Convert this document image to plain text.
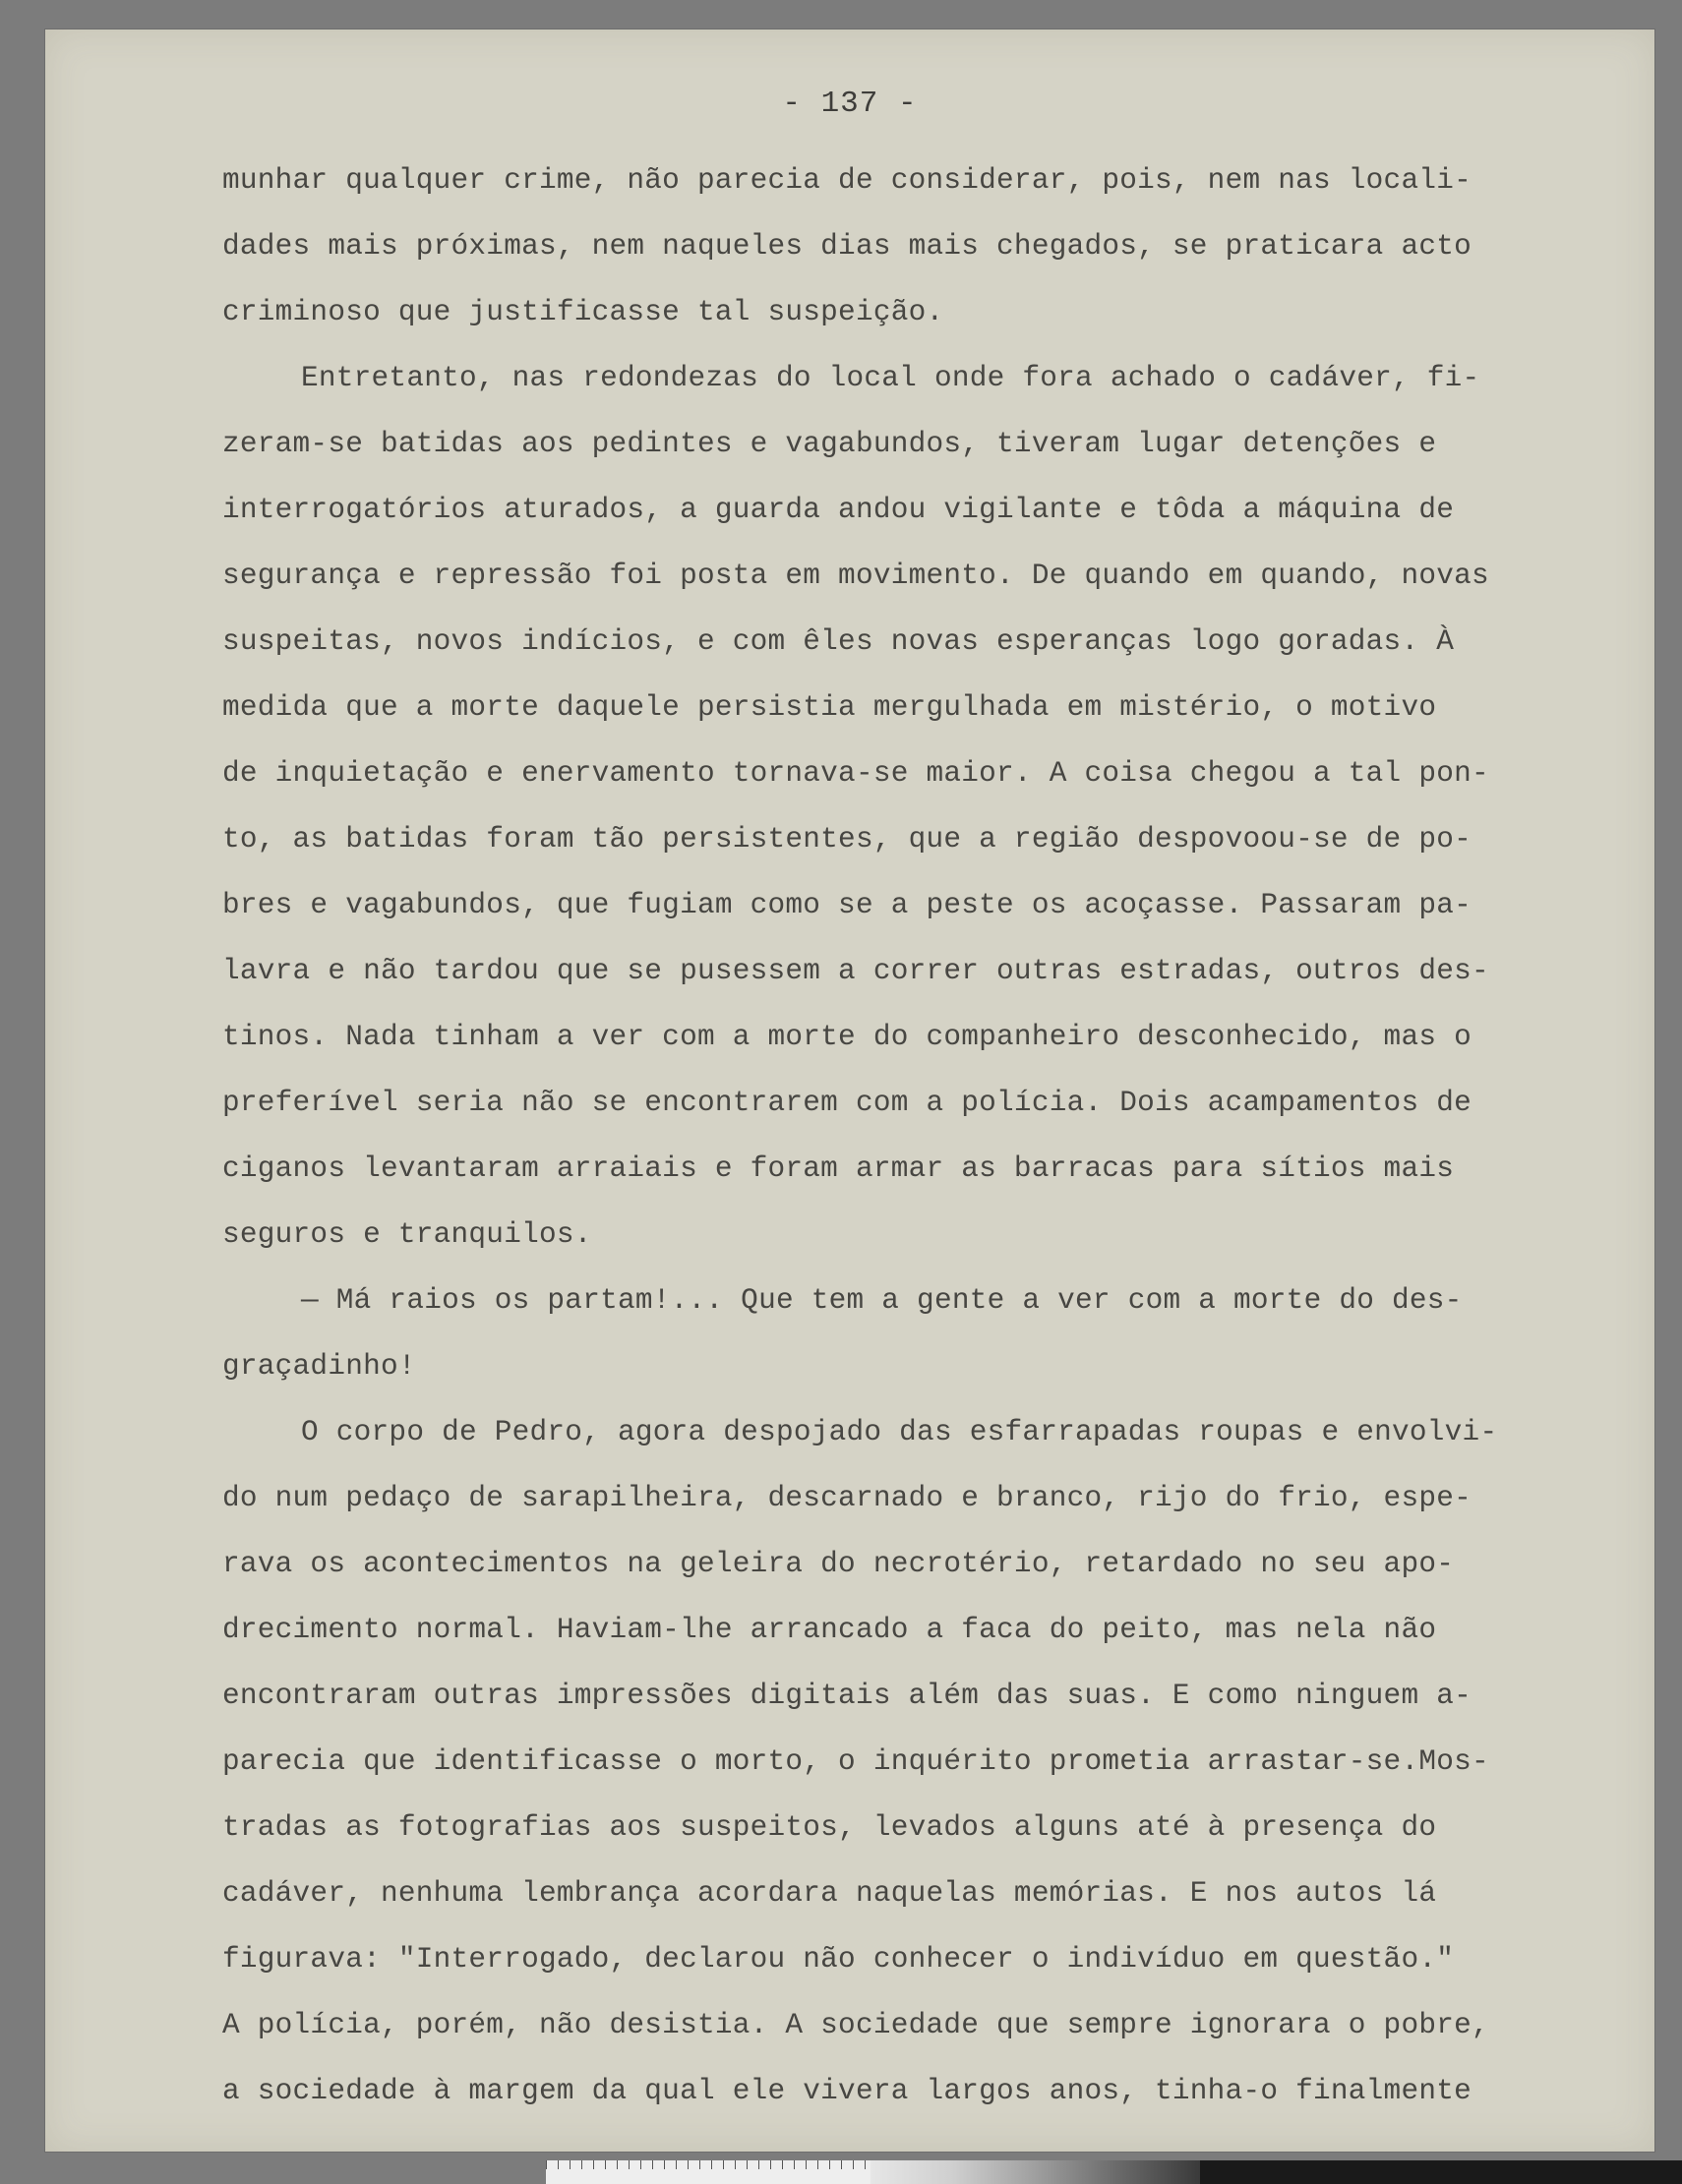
- 137 -
munhar qualquer crime, não parecia de considerar, pois, nem nas locali-
dades mais próximas, nem naqueles dias mais chegados, se praticara acto
criminoso que justificasse tal suspeição.
Entretanto, nas redondezas do local onde fora achado o cadáver, fi-
zeram-se batidas aos pedintes e vagabundos, tiveram lugar detenções e
interrogatórios aturados, a guarda andou vigilante e tôda a máquina de
segurança e repressão foi posta em movimento. De quando em quando, novas
suspeitas, novos indícios, e com êles novas esperanças logo goradas. À
medida que a morte daquele persistia mergulhada em mistério, o motivo
de inquietação e enervamento tornava-se maior. A coisa chegou a tal pon-
to, as batidas foram tão persistentes, que a região despovoou-se de po-
bres e vagabundos, que fugiam como se a peste os acoçasse. Passaram pa-
lavra e não tardou que se pusessem a correr outras estradas, outros des-
tinos. Nada tinham a ver com a morte do companheiro desconhecido, mas o
preferível seria não se encontrarem com a polícia. Dois acampamentos de
ciganos levantaram arraiais e foram armar as barracas para sítios mais
seguros e tranquilos.
— Má raios os partam!... Que tem a gente a ver com a morte do des-
graçadinho!
O corpo de Pedro, agora despojado das esfarrapadas roupas e envolvi-
do num pedaço de sarapilheira, descarnado e branco, rijo do frio, espe-
rava os acontecimentos na geleira do necrotério, retardado no seu apo-
drecimento normal. Haviam-lhe arrancado a faca do peito, mas nela não
encontraram outras impressões digitais além das suas. E como ninguem a-
parecia que identificasse o morto, o inquérito prometia arrastar-se.Mos-
tradas as fotografias aos suspeitos, levados alguns até à presença do
cadáver, nenhuma lembrança acordara naquelas memórias. E nos autos lá
figurava: "Interrogado, declarou não conhecer o indivíduo em questão."
A polícia, porém, não desistia. A sociedade que sempre ignorara o pobre,
a sociedade à margem da qual ele vivera largos anos, tinha-o finalmente
